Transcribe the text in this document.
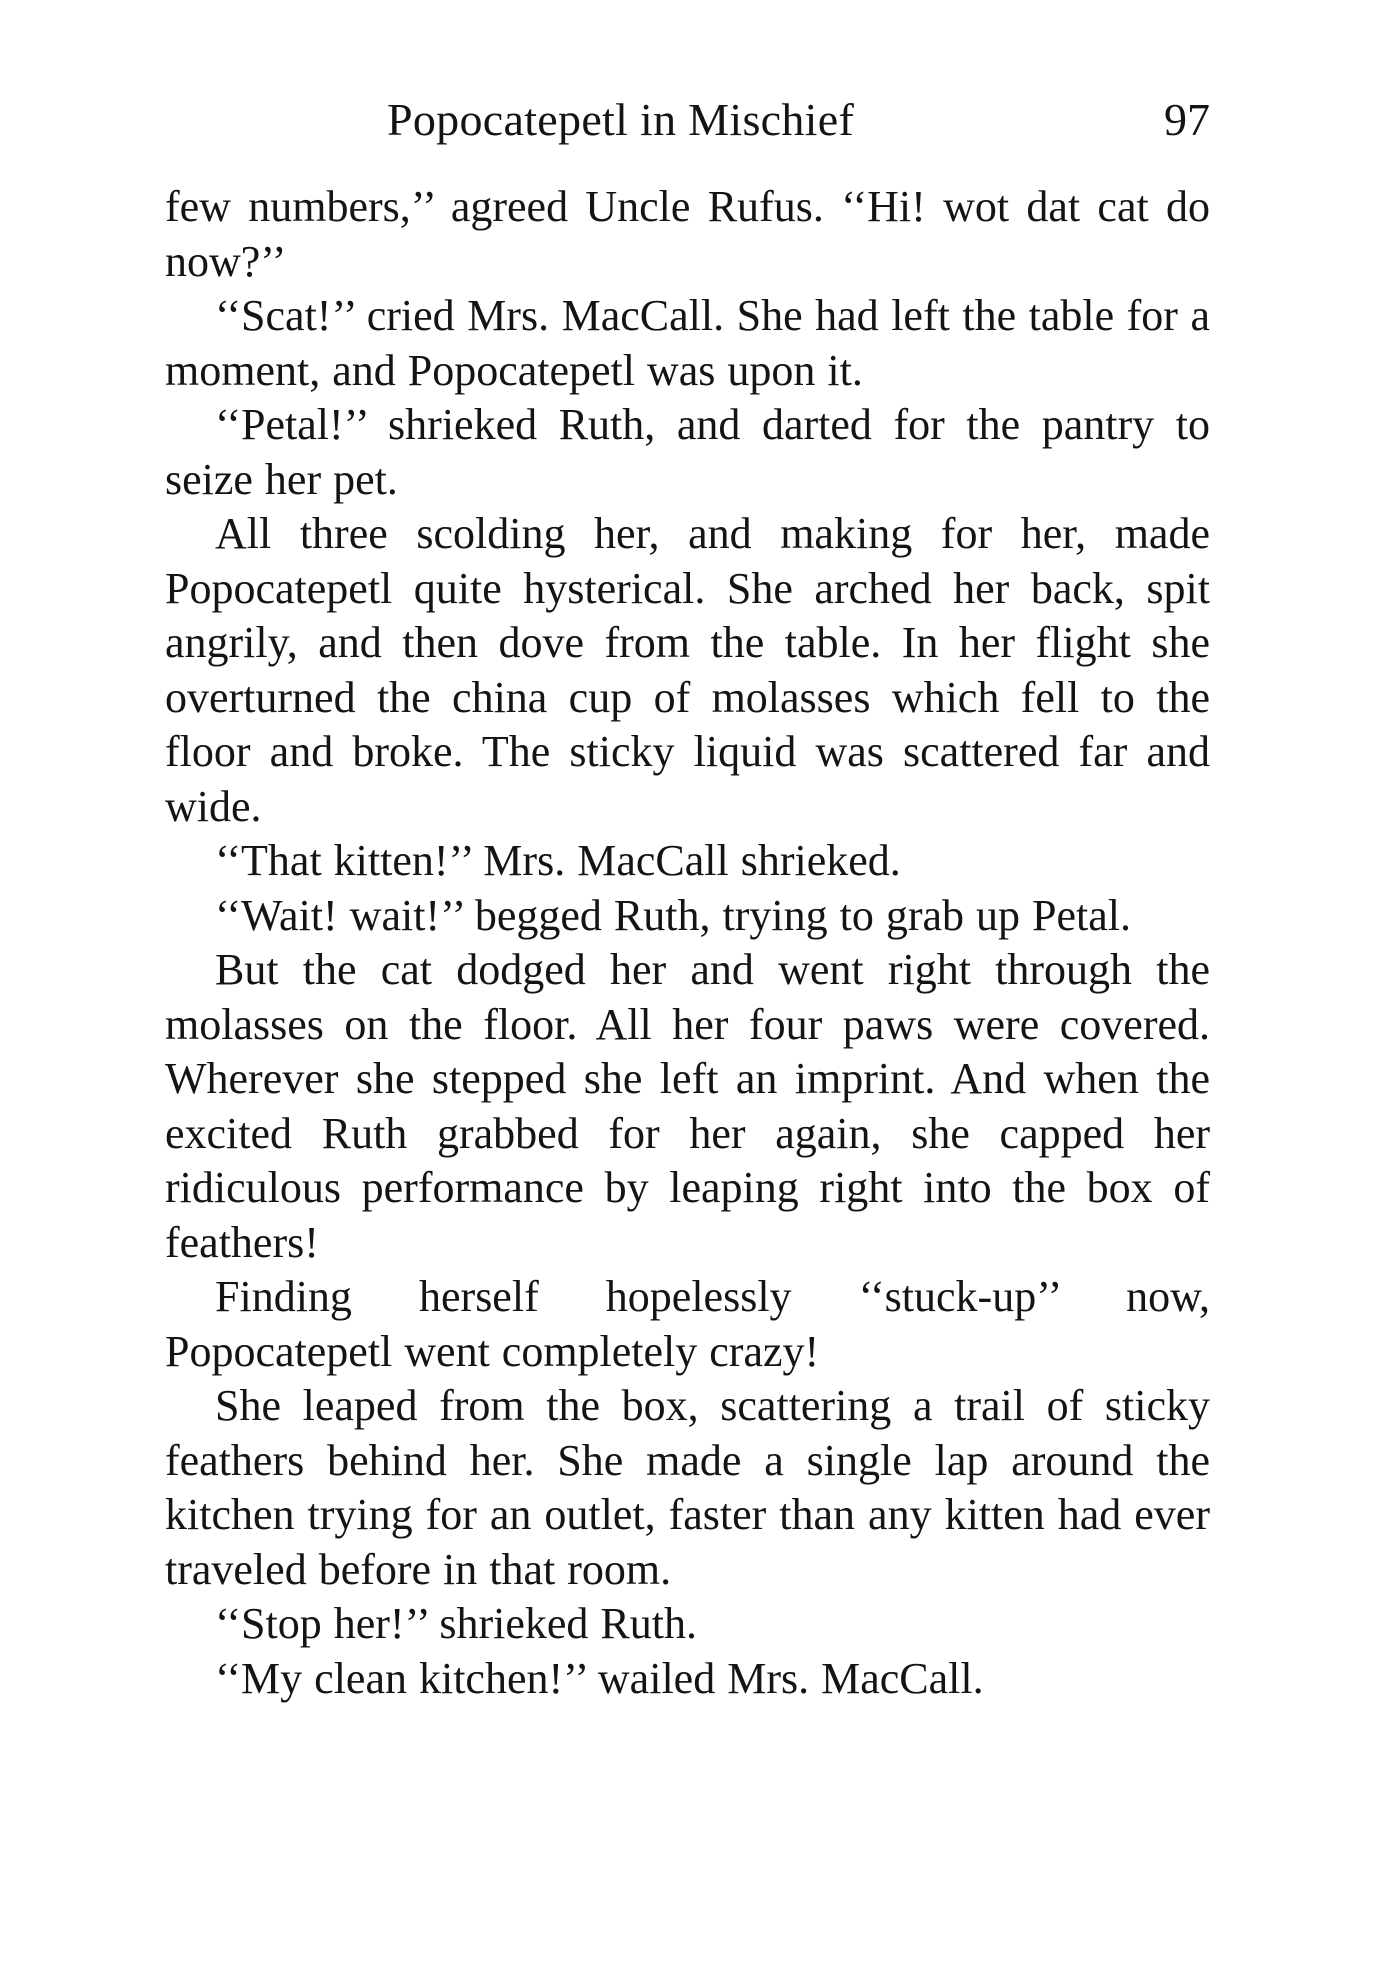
Popocatepetl in Mischief	97

few numbers,’’ agreed Uncle Rufus. ‘‘Hi! wot dat cat do now?’’

‘‘Scat!’’ cried Mrs. MacCall. She had left the table for a moment, and Popocatepetl was upon it.

‘‘Petal!’’ shrieked Ruth, and darted for the pantry to seize her pet.

All three scolding her, and making for her, made Popocatepetl quite hysterical. She arched her back, spit angrily, and then dove from the table. In her flight she overturned the china cup of molasses which fell to the floor and broke. The sticky liquid was scattered far and wide.

‘‘That kitten!’’ Mrs. MacCall shrieked.

‘‘Wait! wait!’’ begged Ruth, trying to grab up Petal.

But the cat dodged her and went right through the molasses on the floor. All her four paws were covered. Wherever she stepped she left an imprint. And when the excited Ruth grabbed for her again, she capped her ridiculous performance by leaping right into the box of feathers!

Finding herself hopelessly ‘‘stuck-up’’ now, Popocatepetl went completely crazy!

She leaped from the box, scattering a trail of sticky feathers behind her. She made a single lap around the kitchen trying for an outlet, faster than any kitten had ever traveled before in that room.

‘‘Stop her!’’ shrieked Ruth.

‘‘My clean kitchen!’’ wailed Mrs. MacCall.
